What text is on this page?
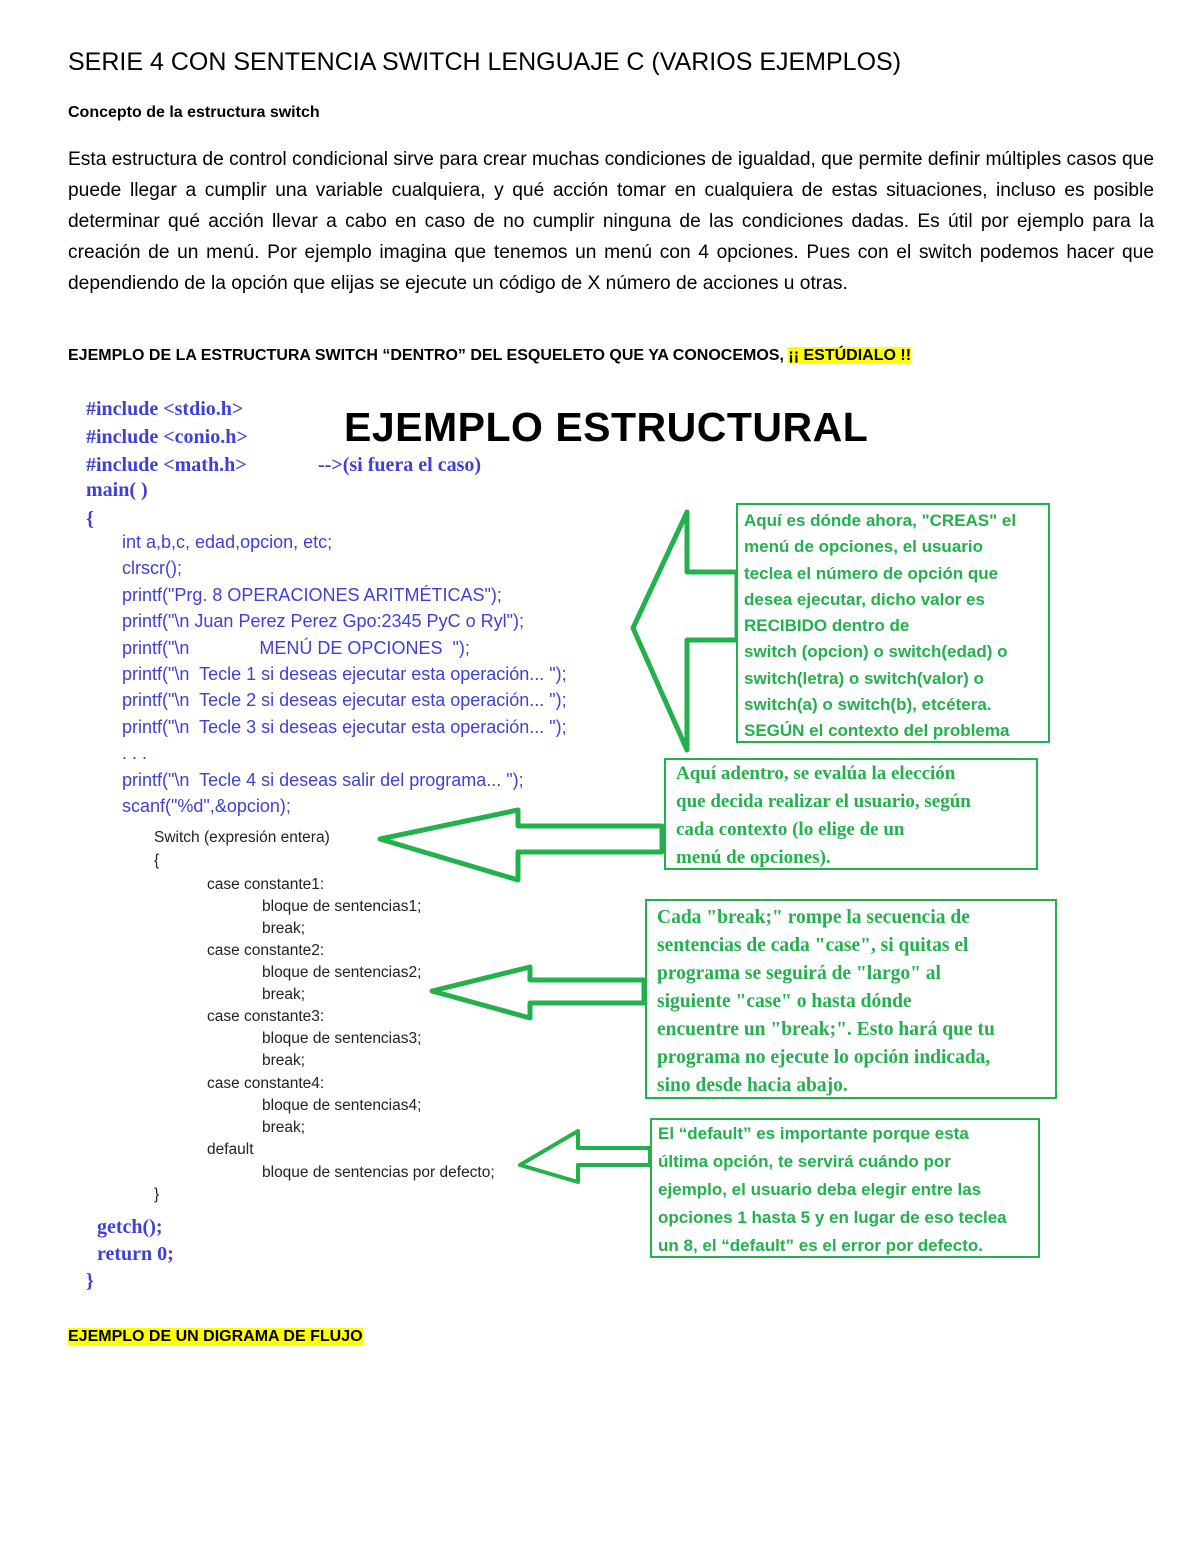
SERIE 4 CON SENTENCIA SWITCH LENGUAJE C (VARIOS EJEMPLOS)
Concepto de la estructura switch

Esta estructura de control condicional sirve para crear muchas condiciones de igualdad, que permite definir múltiples casos que puede llegar a cumplir una variable cualquiera, y qué acción tomar en cualquiera de estas situaciones, incluso es posible determinar qué acción llevar a cabo en caso de no cumplir ninguna de las condiciones dadas. Es útil por ejemplo para la creación de un menú. Por ejemplo imagina que tenemos un menú con 4 opciones. Pues con el switch podemos hacer que dependiendo de la opción que elijas se ejecute un código de X número de acciones u otras.

EJEMPLO DE LA ESTRUCTURA SWITCH “DENTRO” DEL ESQUELETO QUE YA CONOCEMOS, ¡¡ ESTÚDIALO !!
EJEMPLO ESTRUCTURAL
#include <stdio.h>
#include <conio.h>
#include <math.h>	-->(si fuera el caso)
main( )
{
int a,b,c, edad,opcion, etc;
clrscr();
printf("Prg. 8 OPERACIONES ARITMÉTICAS");
printf("\n Juan Perez Perez Gpo:2345 PyC o Ryl");
printf("\n              MENÚ DE OPCIONES  ");
printf("\n  Tecle 1 si deseas ejecutar esta operación... ");
printf("\n  Tecle 2 si deseas ejecutar esta operación... ");
printf("\n  Tecle 3 si deseas ejecutar esta operación... ");
. . .
printf("\n  Tecle 4 si deseas salir del programa... ");
scanf("%d",&opcion);
Switch (expresión entera)
{
case constante1:
bloque de sentencias1;
break;
case constante2:
bloque de sentencias2;
break;
case constante3:
bloque de sentencias3;
break;
case constante4:
bloque de sentencias4;
break;
default
bloque de sentencias por defecto;
}
getch();
return 0;
}
Aquí es dónde ahora, "CREAS" el
menú de opciones, el usuario
teclea el número de opción que
desea ejecutar, dicho valor es
RECIBIDO dentro de
switch (opcion) o switch(edad) o
switch(letra) o switch(valor) o
switch(a) o switch(b), etcétera.
SEGÚN el contexto del problema
Aquí adentro, se evalúa la elección
que decida realizar el usuario, según
cada contexto (lo elige de un
menú de opciones).
Cada "break;" rompe la secuencia de
sentencias de cada "case", si quitas el
programa se seguirá de "largo" al
siguiente "case" o hasta dónde
encuentre un "break;". Esto hará que tu
programa no ejecute lo opción indicada,
sino desde hacia abajo.
El “default” es importante porque esta
última opción, te servirá cuándo por
ejemplo, el usuario deba elegir entre las
opciones 1 hasta 5 y en lugar de eso teclea
un 8, el “default” es el error por defecto.
EJEMPLO DE UN DIGRAMA DE FLUJO
